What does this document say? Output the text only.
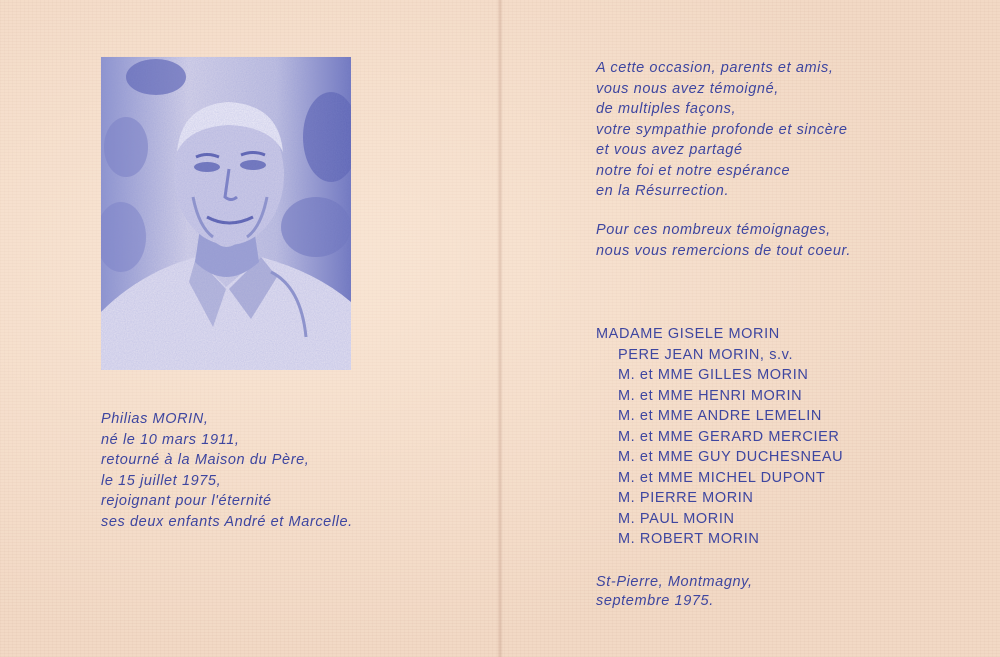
Philias MORIN,
né le 10 mars 1911,
retourné à la Maison du Père,
le 15 juillet 1975,
rejoignant pour l'éternité
ses deux enfants André et Marcelle.
A cette occasion, parents et amis,
vous nous avez témoigné,
de multiples façons,
votre sympathie profonde et sincère
et vous avez partagé
notre foi et notre espérance
en la Résurrection.
Pour ces nombreux témoignages,
nous vous remercions de tout coeur.
MADAME GISELE MORIN
PERE JEAN MORIN, s.v.
M. et MME GILLES MORIN
M. et MME HENRI MORIN
M. et MME ANDRE LEMELIN
M. et MME GERARD MERCIER
M. et MME GUY DUCHESNEAU
M. et MME MICHEL DUPONT
M. PIERRE MORIN
M. PAUL MORIN
M. ROBERT MORIN
St-Pierre, Montmagny,
septembre 1975.
